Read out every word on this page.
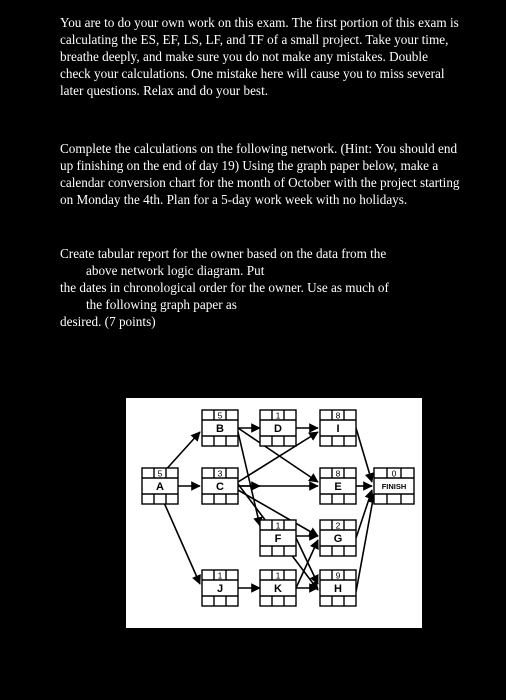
You are to do your own work on this exam. The first portion of this exam is calculating the ES, EF, LS, LF, and TF of a small project. Take your time, breathe deeply, and make sure you do not make any mistakes. Double check your calculations. One mistake here will cause you to miss several later questions. Relax and do your best.
Complete the calculations on the following network. (Hint: You should end up finishing on the end of day 19) Using the graph paper below, make a calendar conversion chart for the month of October with the project starting on Monday the 4th. Plan for a 5-day work week with no holidays.
Create tabular report for the owner based on the data from the
above network logic diagram. Put
the dates in chronological order for the owner. Use as much of
the following graph paper as
desired. (7 points)
5
A
5
B
3
C
1
D
8
I
8
E
0
FINISH
1
F
2
G
1
J
1
K
9
H
